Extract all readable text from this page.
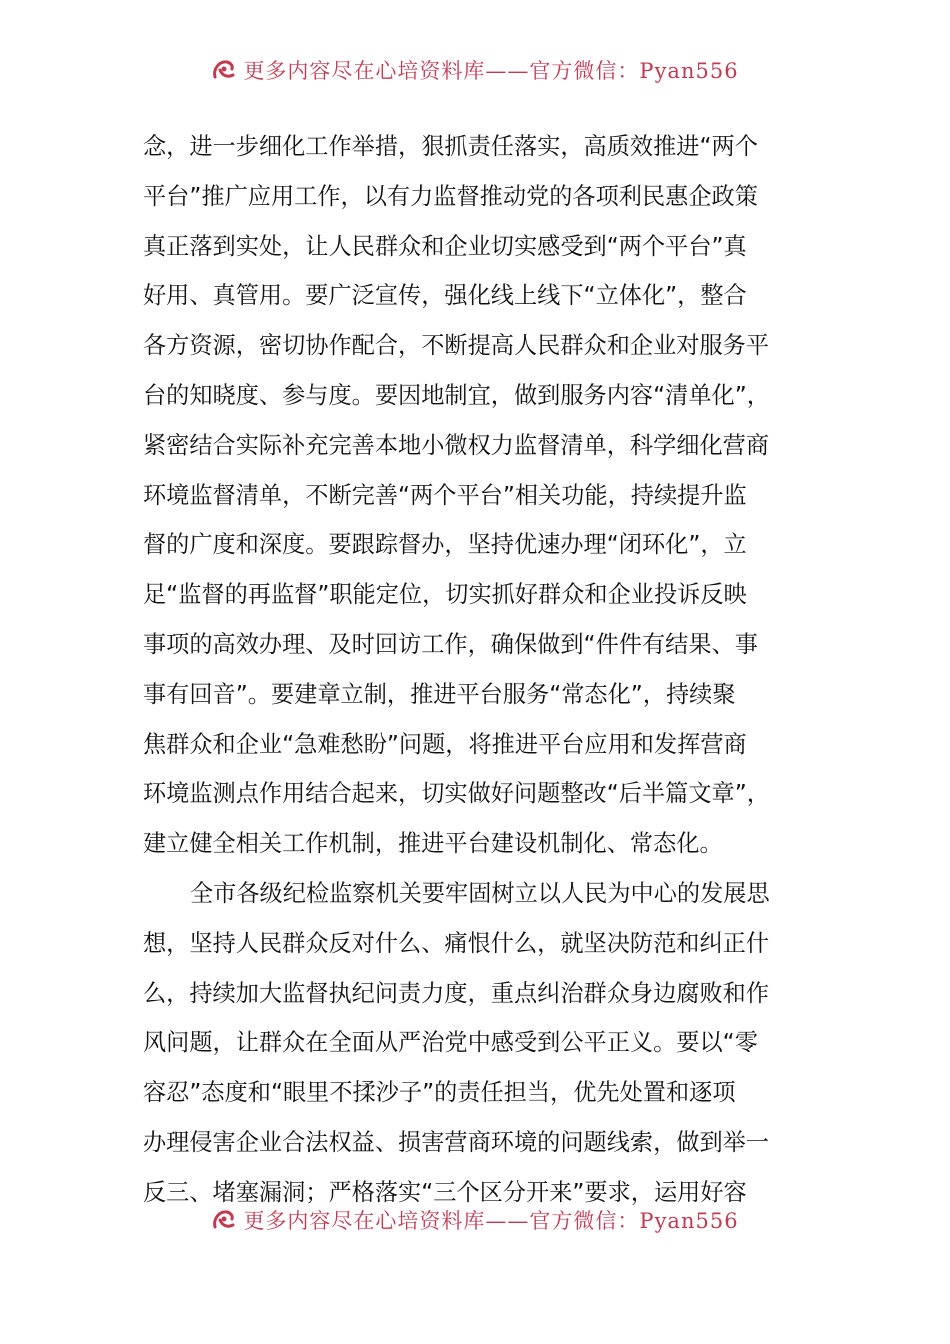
更多内容尽在心培资料库——官方微信：Pyan556
念，进一步细化工作举措，狠抓责任落实，高质效推进“两个
平台”推广应用工作，以有力监督推动党的各项利民惠企政策
真正落到实处，让人民群众和企业切实感受到“两个平台”真
好用、真管用。要广泛宣传，强化线上线下“立体化”，整合
各方资源，密切协作配合，不断提高人民群众和企业对服务平
台的知晓度、参与度。要因地制宜，做到服务内容“清单化”，
紧密结合实际补充完善本地小微权力监督清单，科学细化营商
环境监督清单，不断完善“两个平台”相关功能，持续提升监
督的广度和深度。要跟踪督办，坚持优速办理“闭环化”，立
足“监督的再监督”职能定位，切实抓好群众和企业投诉反映
事项的高效办理、及时回访工作，确保做到“件件有结果、事
事有回音”。要建章立制，推进平台服务“常态化”，持续聚
焦群众和企业“急难愁盼”问题，将推进平台应用和发挥营商
环境监测点作用结合起来，切实做好问题整改“后半篇文章”，
建立健全相关工作机制，推进平台建设机制化、常态化。
全市各级纪检监察机关要牢固树立以人民为中心的发展思
想，坚持人民群众反对什么、痛恨什么，就坚决防范和纠正什
么，持续加大监督执纪问责力度，重点纠治群众身边腐败和作
风问题，让群众在全面从严治党中感受到公平正义。要以“零
容忍”态度和“眼里不揉沙子”的责任担当，优先处置和逐项
办理侵害企业合法权益、损害营商环境的问题线索，做到举一
反三、堵塞漏洞；严格落实“三个区分开来”要求，运用好容
更多内容尽在心培资料库——官方微信：Pyan556
